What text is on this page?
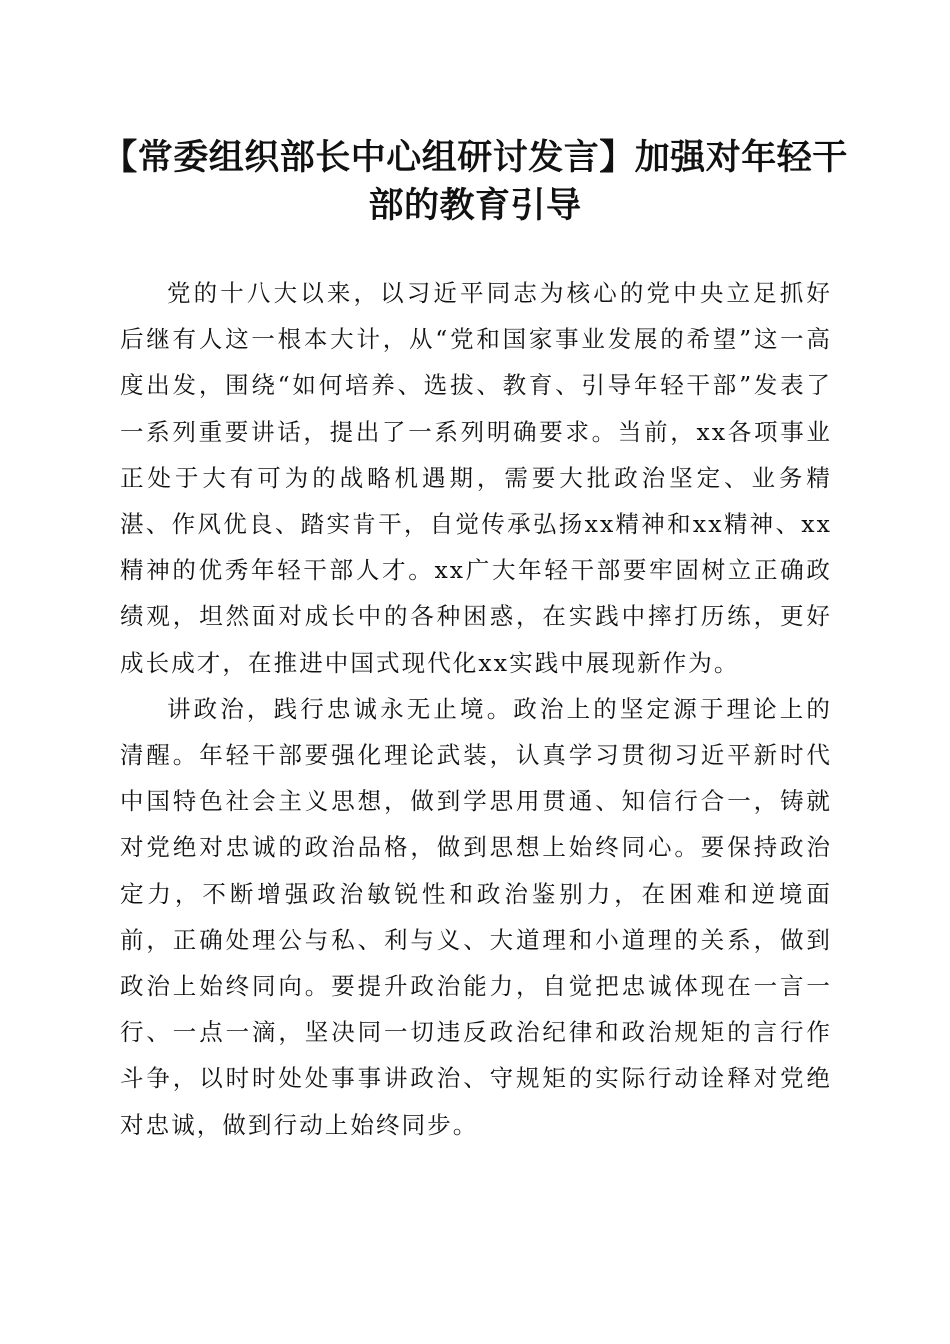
【常委组织部长中心组研讨发言】加强对年轻干部的教育引导

党的十八大以来，以习近平同志为核心的党中央立足抓好后继有人这一根本大计，从“党和国家事业发展的希望”这一高度出发，围绕“如何培养、选拔、教育、引导年轻干部”发表了一系列重要讲话，提出了一系列明确要求。当前，xx各项事业正处于大有可为的战略机遇期，需要大批政治坚定、业务精湛、作风优良、踏实肯干，自觉传承弘扬xx精神和xx精神、xx精神的优秀年轻干部人才。xx广大年轻干部要牢固树立正确政绩观，坦然面对成长中的各种困惑，在实践中摔打历练，更好成长成才，在推进中国式现代化xx实践中展现新作为。

讲政治，践行忠诚永无止境。政治上的坚定源于理论上的清醒。年轻干部要强化理论武装，认真学习贯彻习近平新时代中国特色社会主义思想，做到学思用贯通、知信行合一，铸就对党绝对忠诚的政治品格，做到思想上始终同心。要保持政治定力，不断增强政治敏锐性和政治鉴别力，在困难和逆境面前，正确处理公与私、利与义、大道理和小道理的关系，做到政治上始终同向。要提升政治能力，自觉把忠诚体现在一言一行、一点一滴，坚决同一切违反政治纪律和政治规矩的言行作斗争，以时时处处事事讲政治、守规矩的实际行动诠释对党绝对忠诚，做到行动上始终同步。
